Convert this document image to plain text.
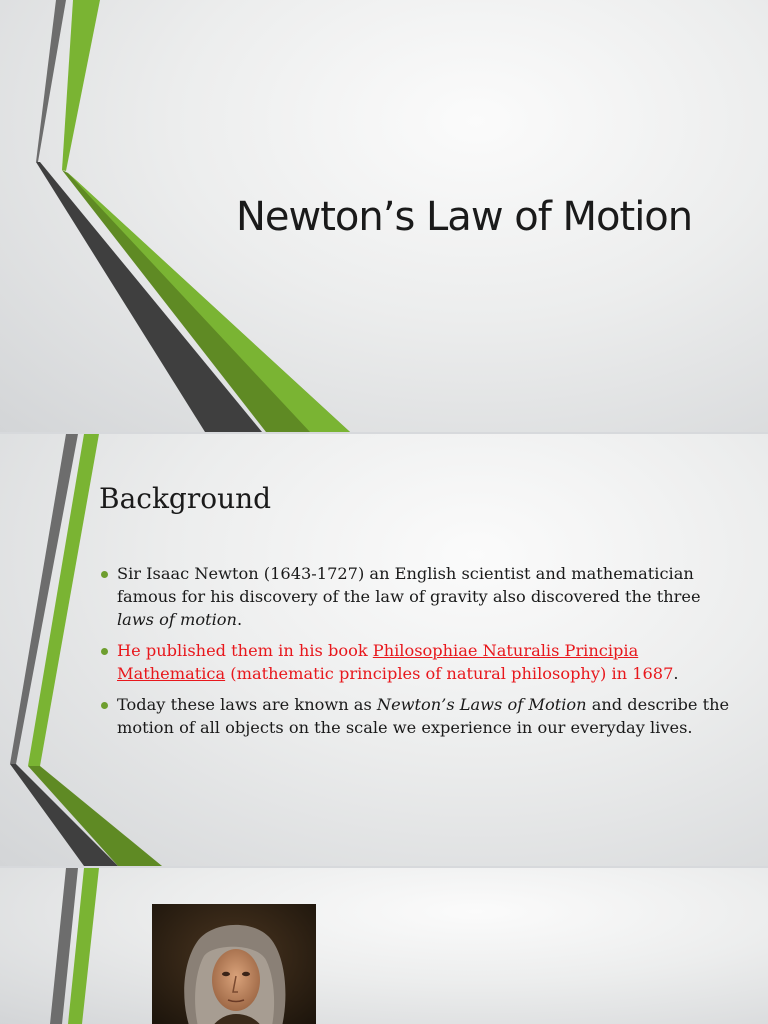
Newton’s Law of Motion
Background
Sir Isaac Newton (1643-1727) an English scientist and mathematician famous for his discovery of the law of gravity also discovered the three laws of motion.
He published them in his book Philosophiae Naturalis Principia Mathematica (mathematic principles of natural philosophy) in 1687.
Today these laws are known as Newton’s Laws of Motion and describe the motion of all objects on the scale we experience in our everyday lives.
